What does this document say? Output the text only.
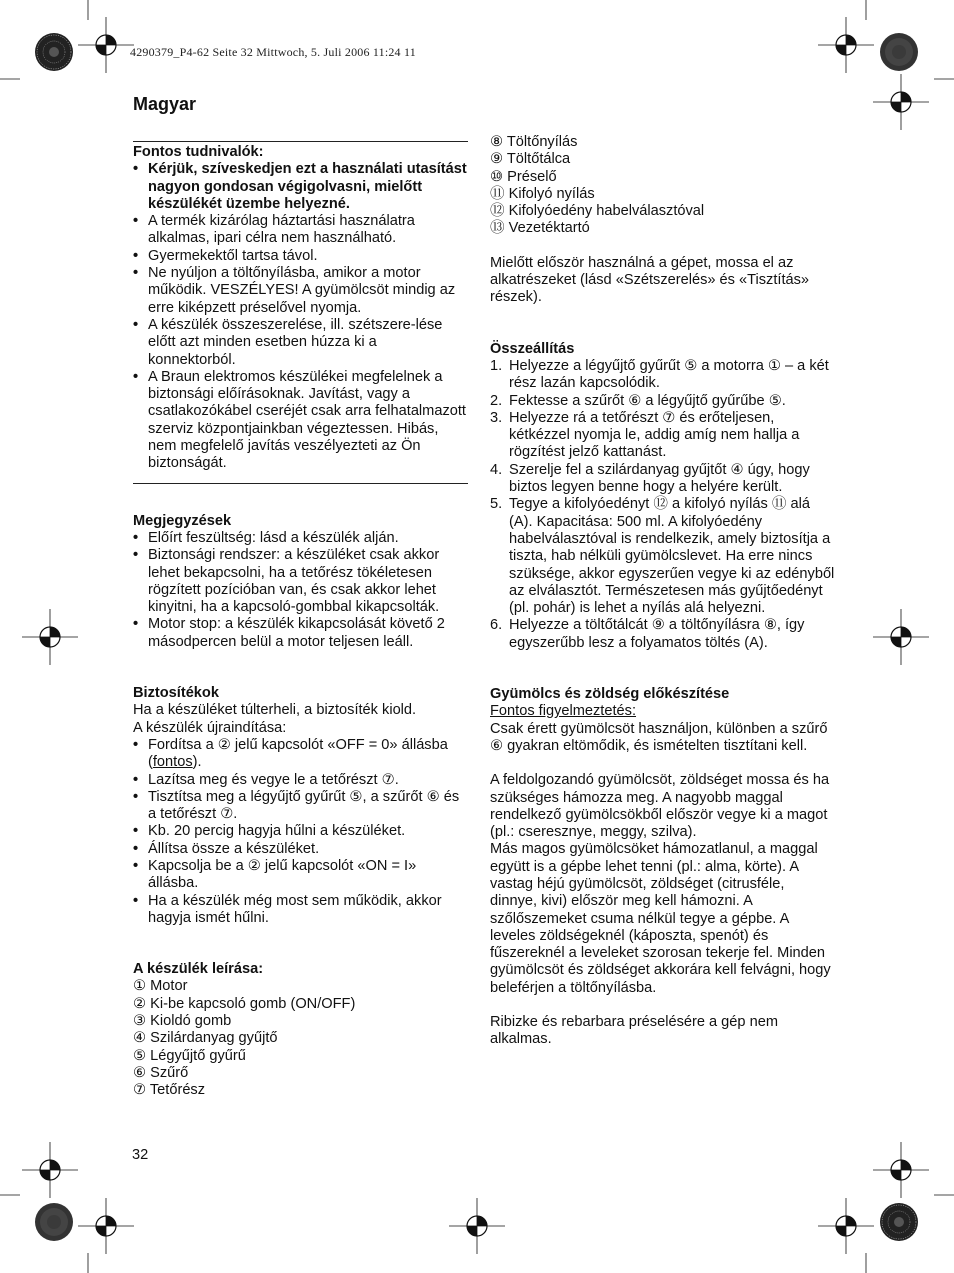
4290379_P4-62 Seite 32 Mittwoch, 5. Juli 2006 11:24 11
Magyar
Fontos tudnivalók:
• Kérjük, szíveskedjen ezt a használati utasítást nagyon gondosan végigolvasni, mielőtt készülékét üzembe helyezné.
• A termék kizárólag háztartási használatra alkalmas, ipari célra nem használható.
• Gyermekektől tartsa távol.
• Ne nyúljon a töltőnyílásba, amikor a motor működik. VESZÉLYES! A gyümölcsöt mindig az erre kiképzett préselővel nyomja.
• A készülék összeszerelése, ill. szétszere-lése előtt azt minden esetben húzza ki a konnektorból.
• A Braun elektromos készülékei megfelelnek a biztonsági előírásoknak. Javítást, vagy a csatlakozókábel cseréjét csak arra felhatalmazott szerviz központjainkban végeztessen. Hibás, nem megfelelő javítás veszélyezteti az Ön biztonságát.
Megjegyzések
• Előírt feszültség: lásd a készülék alján.
• Biztonsági rendszer: a készüléket csak akkor lehet bekapcsolni, ha a tetőrész tökéletesen rögzített pozícióban van, és csak akkor lehet kinyitni, ha a kapcsoló-gombbal kikapcsolták.
• Motor stop: a készülék kikapcsolását követő 2 másodpercen belül a motor teljesen leáll.
Biztosítékok

Ha a készüléket túlterheli, a biztosíték kiold.

A készülék újraindítása:

• Fordítsa a ② jelű kapcsolót «OFF = 0» állásba (fontos).
• Lazítsa meg és vegye le a tetőrészt ⑦.
• Tisztítsa meg a légyűjtő gyűrűt ⑤, a szűrőt ⑥ és a tetőrészt ⑦.
• Kb. 20 percig hagyja hűlni a készüléket.
• Állítsa össze a készüléket.
• Kapcsolja be a ② jelű kapcsolót «ON = I» állásba.
• Ha a készülék még most sem működik, akkor hagyja ismét hűlni.
A készülék leírása:
① Motor
② Ki-be kapcsoló gomb (ON/OFF)
③ Kioldó gomb
④ Szilárdanyag gyűjtő
⑤ Légyűjtő gyűrű
⑥ Szűrő
⑦ Tetőrész
⑧ Töltőnyílás
⑨ Töltőtálca
⑩ Préselő
⑪ Kifolyó nyílás
⑫ Kifolyóedény habelválasztóval
⑬ Vezetéktartó

Mielőtt először használná a gépet, mossa el az alkatrészeket (lásd «Szétszerelés» és «Tisztítás» részek).

Összeállítás
1. Helyezze a légyűjtő gyűrűt ⑤ a motorra ① – a két rész lazán kapcsolódik.
2. Fektesse a szűrőt ⑥ a légyűjtő gyűrűbe ⑤.
3. Helyezze rá a tetőrészt ⑦ és erőteljesen, kétkézzel nyomja le, addig amíg nem hallja a rögzítést jelző kattanást.
4. Szerelje fel a szilárdanyag gyűjtőt ④ úgy, hogy biztos legyen benne hogy a helyére került.
5. Tegye a kifolyóedényt ⑫ a kifolyó nyílás ⑪ alá (A). Kapacitása: 500 ml. A kifolyóedény habelválasztóval is rendelkezik, amely biztosítja a tiszta, hab nélküli gyümölcslevet. Ha erre nincs szüksége, akkor egyszerűen vegye ki az edényből az elválasztót. Természetesen más gyűjtőedényt (pl. pohár) is lehet a nyílás alá helyezni.
6. Helyezze a töltőtálcát ⑨ a töltőnyílásra ⑧, így egyszerűbb lesz a folyamatos töltés (A).
Gyümölcs és zöldség előkészítése
Fontos figyelmeztetés:

Csak érett gyümölcsöt használjon, különben a szűrő ⑥ gyakran eltömődik, és ismételten tisztítani kell.

A feldolgozandó gyümölcsöt, zöldséget mossa és ha szükséges hámozza meg. A nagyobb maggal rendelkező gyümölcsökből először vegye ki a magot (pl.: cseresznye, meggy, szilva).

Más magos gyümölcsöket hámozatlanul, a maggal együtt is a gépbe lehet tenni (pl.: alma, körte). A vastag héjú gyümölcsöt, zöldséget (citrusféle, dinnye, kivi) először meg kell hámozni. A szőlőszemeket csuma nélkül tegye a gépbe. A leveles zöldségeknél (káposzta, spenót) és fűszereknél a leveleket szorosan tekerje fel. Minden gyümölcsöt és zöldséget akkorára kell felvágni, hogy beleférjen a töltőnyílásba.

Ribizke és rebarbara préselésére a gép nem alkalmas.

32
